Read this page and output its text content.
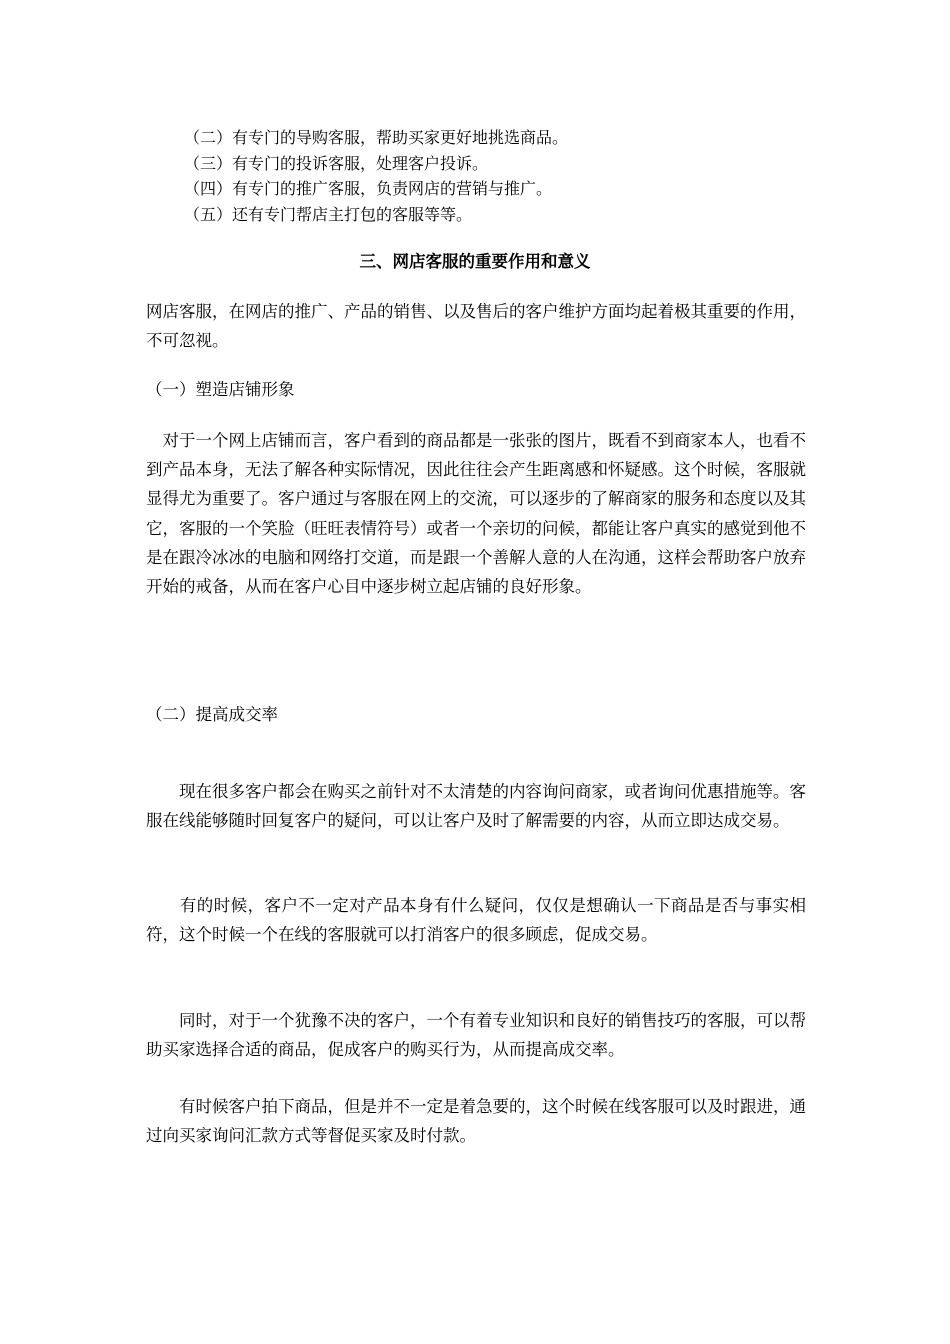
（二）有专门的导购客服，帮助买家更好地挑选商品。
（三）有专门的投诉客服，处理客户投诉。
（四）有专门的推广客服，负责网店的营销与推广。
（五）还有专门帮店主打包的客服等等。
三、网店客服的重要作用和意义
网店客服，在网店的推广、产品的销售、以及售后的客户维护方面均起着极其重要的作用，不可忽视。
（一）塑造店铺形象
　对于一个网上店铺而言，客户看到的商品都是一张张的图片，既看不到商家本人，也看不到产品本身，无法了解各种实际情况，因此往往会产生距离感和怀疑感。这个时候，客服就显得尤为重要了。客户通过与客服在网上的交流，可以逐步的了解商家的服务和态度以及其它，客服的一个笑脸（旺旺表情符号）或者一个亲切的问候，都能让客户真实的感觉到他不是在跟冷冰冰的电脑和网络打交道，而是跟一个善解人意的人在沟通，这样会帮助客户放弃开始的戒备，从而在客户心目中逐步树立起店铺的良好形象。
（二）提高成交率
　　现在很多客户都会在购买之前针对不太清楚的内容询问商家，或者询问优惠措施等。客服在线能够随时回复客户的疑问，可以让客户及时了解需要的内容，从而立即达成交易。
　　有的时候，客户不一定对产品本身有什么疑问，仅仅是想确认一下商品是否与事实相符，这个时候一个在线的客服就可以打消客户的很多顾虑，促成交易。
　　同时，对于一个犹豫不决的客户，一个有着专业知识和良好的销售技巧的客服，可以帮助买家选择合适的商品，促成客户的购买行为，从而提高成交率。
　　有时候客户拍下商品，但是并不一定是着急要的，这个时候在线客服可以及时跟进，通过向买家询问汇款方式等督促买家及时付款。
